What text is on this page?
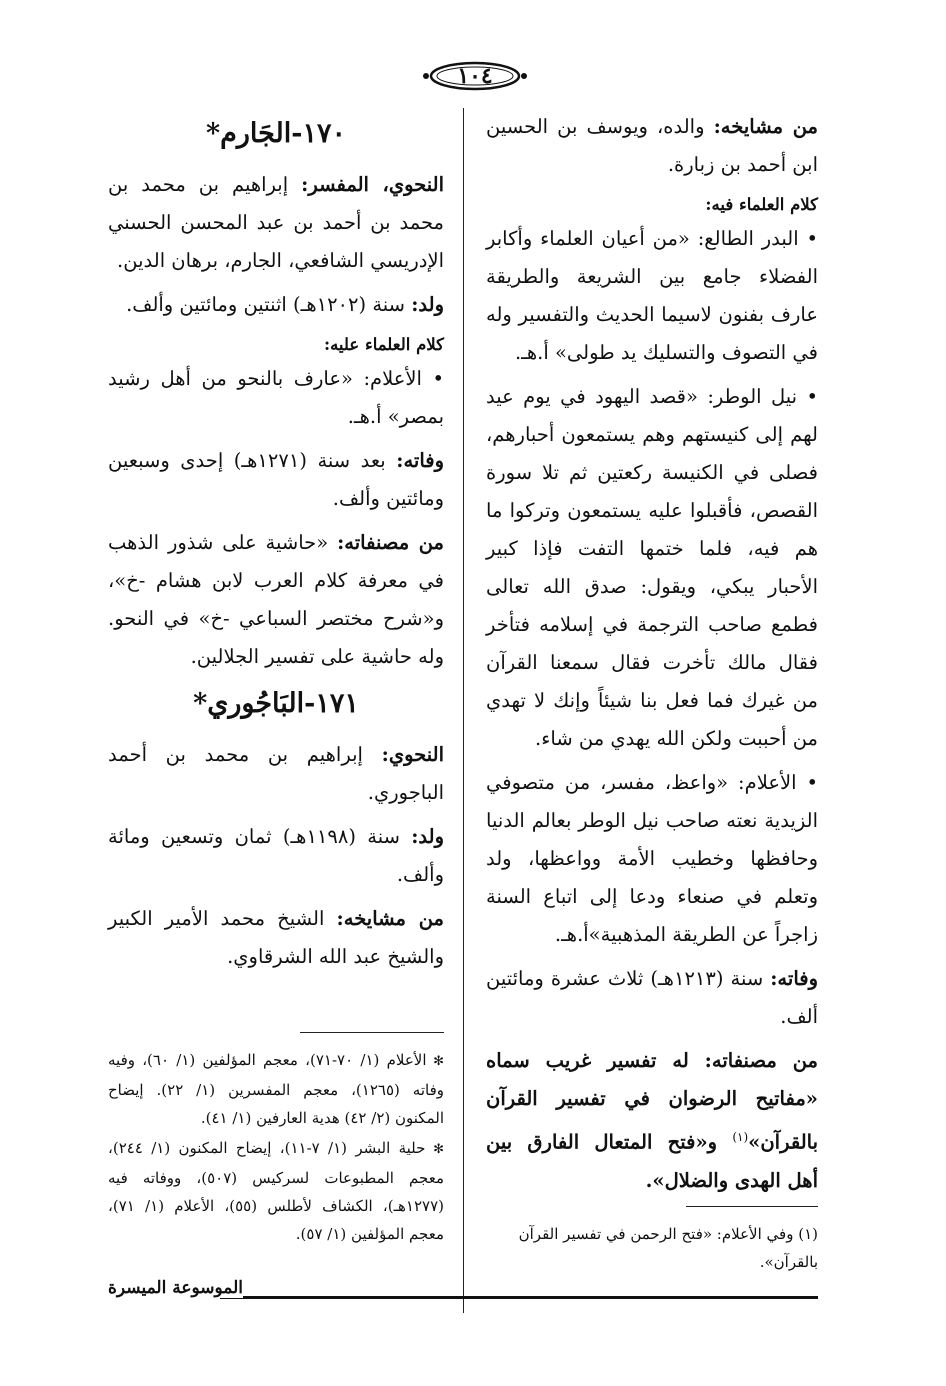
١٠٤

من مشايخه: والده، ويوسف بن الحسين ابن أحمد بن زبارة.

كلام العلماء فيه:

• البدر الطالع: «من أعيان العلماء وأكابر الفضلاء جامع بين الشريعة والطريقة عارف بفنون لاسيما الحديث والتفسير وله في التصوف والتسليك يد طولى» أ.هـ.

• نيل الوطر: «قصد اليهود في يوم عيد لهم إلى كنيستهم وهم يستمعون أحبارهم، فصلى في الكنيسة ركعتين ثم تلا سورة القصص، فأقبلوا عليه يستمعون وتركوا ما هم فيه، فلما ختمها التفت فإذا كبير الأحبار يبكي، ويقول: صدق الله تعالى فطمع صاحب الترجمة في إسلامه فتأخر فقال مالك تأخرت فقال سمعنا القرآن من غيرك فما فعل بنا شيئاً وإنك لا تهدي من أحببت ولكن الله يهدي من شاء.

• الأعلام: «واعظ، مفسر، من متصوفي الزيدية نعته صاحب نيل الوطر بعالم الدنيا وحافظها وخطيب الأمة وواعظها، ولد وتعلم في صنعاء ودعا إلى اتباع السنة زاجراً عن الطريقة المذهبية»أ.هـ.

وفاته: سنة (١٢١٣هـ) ثلاث عشرة ومائتين ألف.

من مصنفاته: له تفسير غريب سماه «مفاتيح الرضوان في تفسير القرآن بالقرآن»$^{(١)}$ و«فتح المتعال الفارق بين أهل الهدى والضلال».

١٧٠-الجَارم*

النحوي، المفسر: إبراهيم بن محمد بن محمد بن أحمد بن عبد المحسن الحسني الإدريسي الشافعي، الجارم، برهان الدين.

ولد: سنة (١٢٠٢هـ) اثنتين ومائتين وألف.

كلام العلماء عليه:

• الأعلام: «عارف بالنحو من أهل رشيد بمصر» أ.هـ.

وفاته: بعد سنة (١٢٧١هـ) إحدى وسبعين ومائتين وألف.

من مصنفاته: «حاشية على شذور الذهب في معرفة كلام العرب لابن هشام -خ»، و«شرح مختصر السباعي -خ» في النحو. وله حاشية على تفسير الجلالين.

١٧١-البَاجُوري*

النحوي: إبراهيم بن محمد بن أحمد الباجوري.

ولد: سنة (١١٩٨هـ) ثمان وتسعين ومائة وألف.

من مشايخه: الشيخ محمد الأمير الكبير والشيخ عبد الله الشرقاوي.

✻ الأعلام (١/ ٧٠-٧١)، معجم المؤلفين (١/ ٦٠)، وفيه وفاته (١٢٦٥)، معجم المفسرين (١/ ٢٢). إيضاح المكنون (٢/ ٤٢) هدية العارفين (١/ ٤١).

✻ حلية البشر (١/ ٧-١١)، إيضاح المكنون (١/ ٢٤٤)، معجم المطبوعات لسركيس (٥٠٧)، ووفاته فيه (١٢٧٧هـ)، الكشاف لأطلس (٥٥)، الأعلام (١/ ٧١)، معجم المؤلفين (١/ ٥٧).	(١) وفي الأعلام: «فتح الرحمن في تفسير القرآن بالقرآن».

الموسوعة الميسرة
